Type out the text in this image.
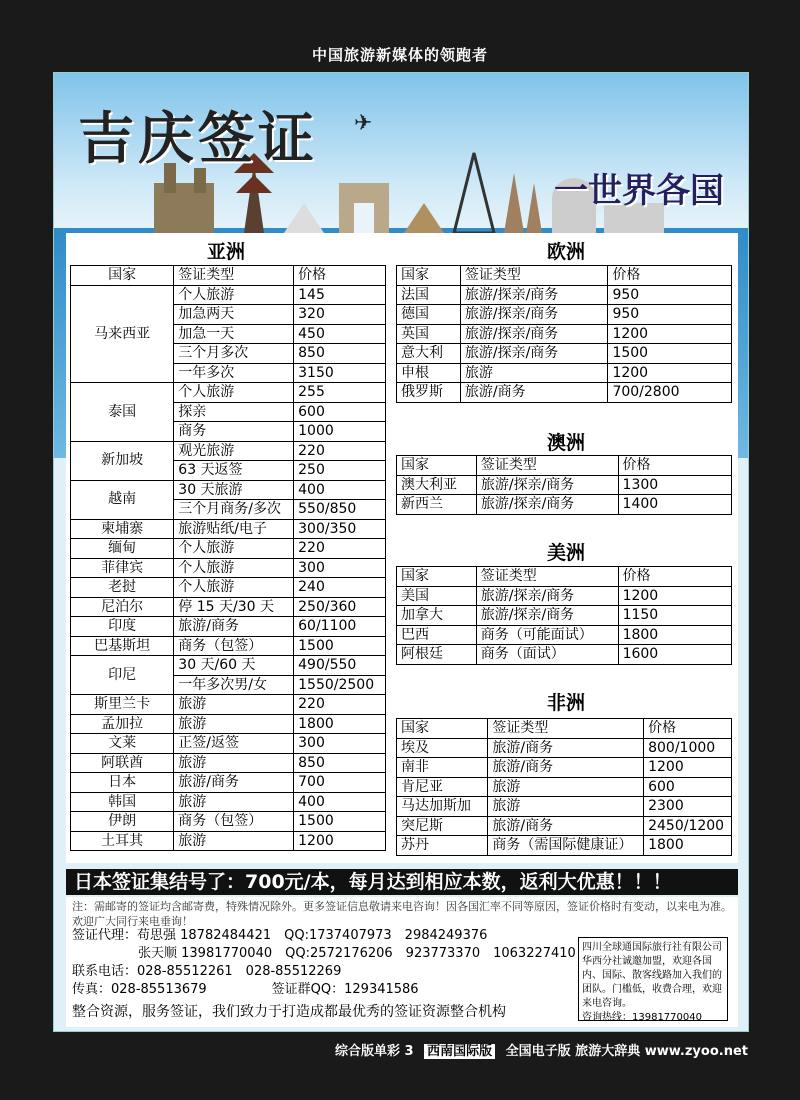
中国旅游新媒体的领跑者
✈
吉庆签证
一世界各国
亚洲
国家	签证类型	价格
马来西亚	个人旅游	145
	加急两天	320
	加急一天	450
	三个月多次	850
	一年多次	3150
泰国	个人旅游	255
	探亲	600
	商务	1000
新加坡	观光旅游	220
	63 天返签	250
越南	30 天旅游	400
	三个月商务/多次	550/850
柬埔寨	旅游贴纸/电子	300/350
缅甸	个人旅游	220
菲律宾	个人旅游	300
老挝	个人旅游	240
尼泊尔	停 15 天/30 天	250/360
印度	旅游/商务	60/1100
巴基斯坦	商务（包签）	1500
印尼	30 天/60 天	490/550
	一年多次男/女	1550/2500
斯里兰卡	旅游	220
孟加拉	旅游	1800
文莱	正签/返签	300
阿联酋	旅游	850
日本	旅游/商务	700
韩国	旅游	400
伊朗	商务（包签）	1500
土耳其	旅游	1200
欧洲
国家	签证类型	价格
法国	旅游/探亲/商务	950
德国	旅游/探亲/商务	950
英国	旅游/探亲/商务	1200
意大利	旅游/探亲/商务	1500
申根	旅游	1200
俄罗斯	旅游/商务	700/2800
澳洲
国家	签证类型	价格
澳大利亚	旅游/探亲/商务	1300
新西兰	旅游/探亲/商务	1400
美洲
国家	签证类型	价格
美国	旅游/探亲/商务	1200
加拿大	旅游/探亲/商务	1150
巴西	商务（可能面试）	1800
阿根廷	商务（面试）	1600
非洲
国家	签证类型	价格
埃及	旅游/商务	800/1000
南非	旅游/商务	1200
肯尼亚	旅游	600
马达加斯加	旅游	2300
突尼斯	旅游/商务	2450/1200
苏丹	商务（需国际健康证）	1800
日本签证集结号了：700元/本，每月达到相应本数，返利大优惠！！！
注：需邮寄的签证均含邮寄费，特殊情况除外。更多签证信息敬请来电咨询！因各国汇率不同等原因，签证价格时有变动，以来电为准。欢迎广大同行来电垂询！
签证代理：苟思强 18782484421　QQ:1737407973　2984249376
张天顺 13981770040　QQ:2572176206　923773370　1063227410
联系电话：028-85512261　028-85512269
传真：028-85513679　　　　　签证群QQ：129341586
整合资源，服务签证，我们致力于打造成都最优秀的签证资源整合机构
四川全球通国际旅行社有限公司华西分社诚邀加盟，欢迎各国内、国际、散客线路加入我们的团队。门槛低，收费合理，欢迎来电咨询。
咨询热线：13981770040
综合版单彩 3 西南国际版 全国电子版 旅游大辞典 www.zyoo.net
